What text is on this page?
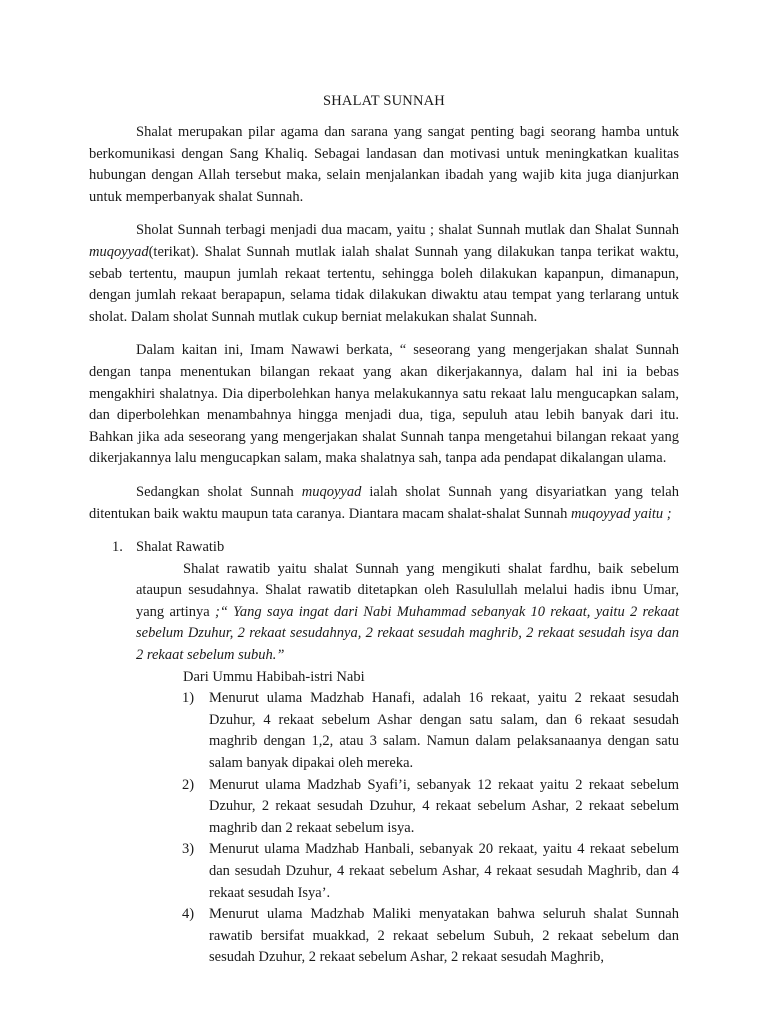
SHALAT SUNNAH

Shalat merupakan pilar agama dan sarana yang sangat penting bagi seorang hamba untuk berkomunikasi dengan Sang Khaliq. Sebagai landasan dan motivasi untuk meningkatkan kualitas hubungan dengan Allah tersebut maka, selain menjalankan ibadah yang wajib kita juga dianjurkan untuk memperbanyak shalat Sunnah.

Sholat Sunnah terbagi menjadi dua macam, yaitu ; shalat Sunnah mutlak dan Shalat Sunnah muqoyyad(terikat). Shalat Sunnah mutlak ialah shalat Sunnah yang dilakukan tanpa terikat waktu, sebab tertentu, maupun jumlah rekaat tertentu, sehingga boleh dilakukan kapanpun, dimanapun, dengan jumlah rekaat berapapun, selama tidak dilakukan diwaktu atau tempat yang terlarang untuk sholat. Dalam sholat Sunnah mutlak cukup berniat melakukan shalat Sunnah.

Dalam kaitan ini, Imam Nawawi berkata, “ seseorang yang mengerjakan shalat Sunnah dengan tanpa menentukan bilangan rekaat yang akan dikerjakannya, dalam hal ini ia bebas mengakhiri shalatnya. Dia diperbolehkan hanya melakukannya satu rekaat lalu mengucapkan salam, dan diperbolehkan menambahnya hingga menjadi dua, tiga, sepuluh atau lebih banyak dari itu. Bahkan jika ada seseorang yang mengerjakan shalat Sunnah tanpa mengetahui bilangan rekaat yang dikerjakannya lalu mengucapkan salam, maka shalatnya sah, tanpa ada pendapat dikalangan ulama.

Sedangkan sholat Sunnah muqoyyad ialah sholat Sunnah yang disyariatkan yang telah ditentukan baik waktu maupun tata caranya. Diantara macam shalat-shalat Sunnah muqoyyad yaitu ;

1. Shalat Rawatib
Shalat rawatib yaitu shalat Sunnah yang mengikuti shalat fardhu, baik sebelum ataupun sesudahnya. Shalat rawatib ditetapkan oleh Rasulullah melalui hadis ibnu Umar, yang artinya ;“ Yang saya ingat dari Nabi Muhammad sebanyak 10 rekaat, yaitu 2 rekaat sebelum Dzuhur, 2 rekaat sesudahnya, 2 rekaat sesudah maghrib, 2 rekaat sesudah isya dan 2 rekaat sebelum subuh.”
Dari Ummu Habibah-istri Nabi
1) Menurut ulama Madzhab Hanafi, adalah 16 rekaat, yaitu 2 rekaat sesudah Dzuhur, 4 rekaat sebelum Ashar dengan satu salam, dan 6 rekaat sesudah maghrib dengan 1,2, atau 3 salam. Namun dalam pelaksanaanya dengan satu salam banyak dipakai oleh mereka.
2) Menurut ulama Madzhab Syafi’i, sebanyak 12 rekaat yaitu 2 rekaat sebelum Dzuhur, 2 rekaat sesudah Dzuhur, 4 rekaat sebelum Ashar, 2 rekaat sebelum maghrib dan 2 rekaat sebelum isya.
3) Menurut ulama Madzhab Hanbali, sebanyak 20 rekaat, yaitu 4 rekaat sebelum dan sesudah Dzuhur, 4 rekaat sebelum Ashar, 4 rekaat sesudah Maghrib, dan 4 rekaat sesudah Isya’.
4) Menurut ulama Madzhab Maliki menyatakan bahwa seluruh shalat Sunnah rawatib bersifat muakkad, 2 rekaat sebelum Subuh, 2 rekaat sebelum dan sesudah Dzuhur, 2 rekaat sebelum Ashar, 2 rekaat sesudah Maghrib,
